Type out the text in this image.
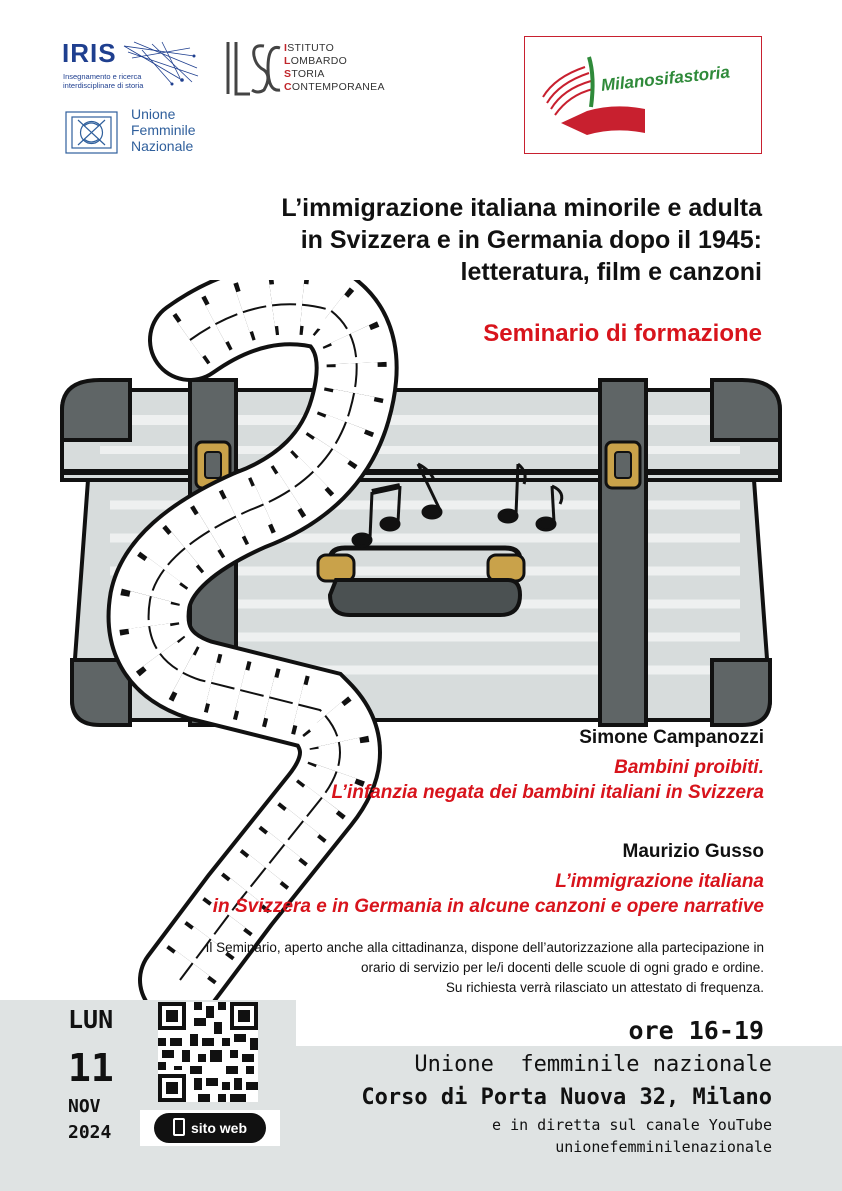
IRIS
Insegnamento e ricerca interdisciplinare di storia
Unione
Femminile
Nazionale
ISTITUTO
LOMBARDO
STORIA
CONTEMPORANEA	Milanosifastoria
L’immigrazione italiana minorile e adulta
in Svizzera e in Germania dopo il 1945:
letteratura, film e canzoni
Seminario di formazione
Simone Campanozzi
Bambini proibiti.
L’infanzia negata dei bambini italiani in Svizzera
Maurizio Gusso
L’immigrazione italiana
in Svizzera e in Germania in alcune canzoni e opere narrative
Il Seminario, aperto anche alla cittadinanza, dispone dell’autorizzazione alla partecipazione in
orario di servizio per le/i docenti delle scuole di ogni grado e ordine.
Su richiesta verrà rilasciato un attestato di frequenza.
LUN
11
NOV
2024	sito web
ore 16-19
Unione  femminile nazionale
Corso di Porta Nuova 32, Milano
e in diretta sul canale YouTube
unionefemminilenazionale
